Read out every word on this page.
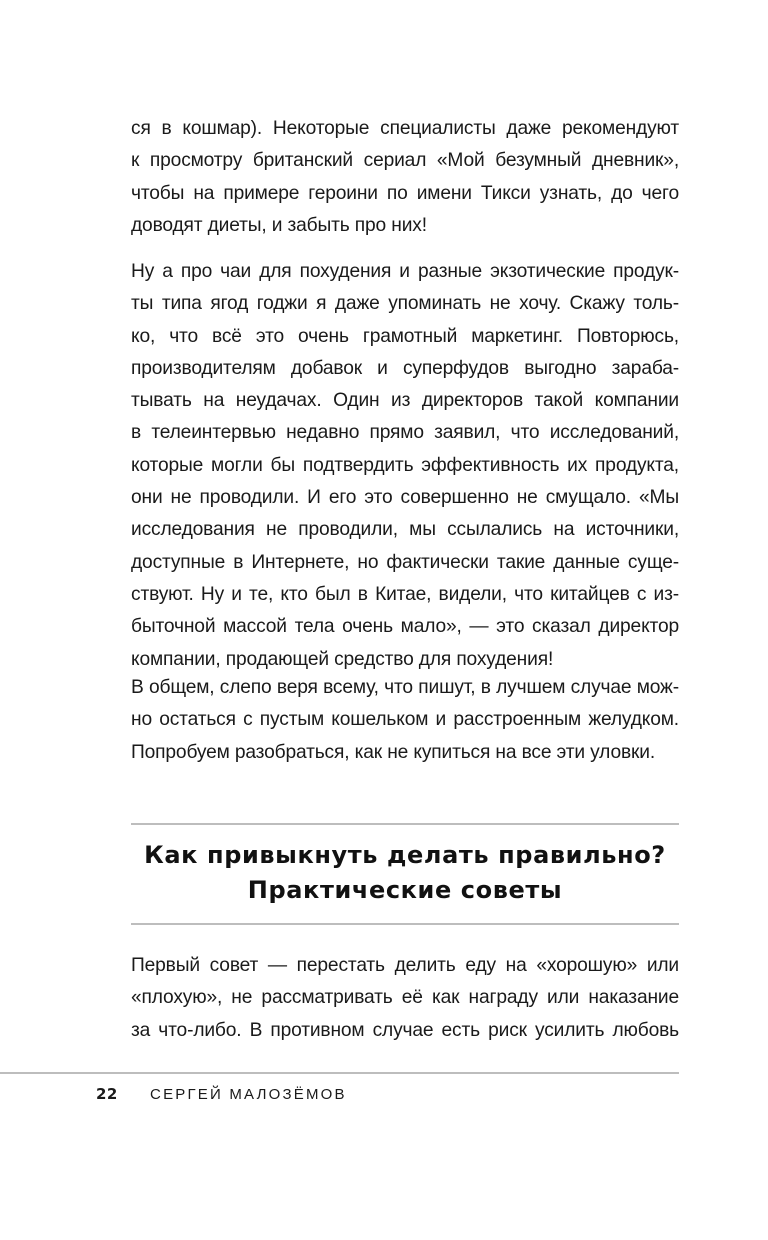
ся в кошмар). Некоторые специалисты даже рекомендуют
к просмотру британский сериал «Мой безумный дневник»,
чтобы на примере героини по имени Тикси узнать, до чего
доводят диеты, и забыть про них!

Ну а про чаи для похудения и разные экзотические продук-
ты типа ягод годжи я даже упоминать не хочу. Скажу толь-
ко, что всё это очень грамотный маркетинг. Повторюсь,
производителям добавок и суперфудов выгодно зараба-
тывать на неудачах. Один из директоров такой компании
в телеинтервью недавно прямо заявил, что исследований,
которые могли бы подтвердить эффективность их продукта,
они не проводили. И его это совершенно не смущало. «Мы
исследования не проводили, мы ссылались на источники,
доступные в Интернете, но фактически такие данные суще-
ствуют. Ну и те, кто был в Китае, видели, что китайцев с из-
быточной массой тела очень мало», — это сказал директор
компании, продающей средство для похудения!

В общем, слепо веря всему, что пишут, в лучшем случае мож-
но остаться с пустым кошельком и расстроенным желудком.
Попробуем разобраться, как не купиться на все эти уловки.

Как привыкнуть делать правильно?
Практические советы

Первый совет — перестать делить еду на «хорошую» или
«плохую», не рассматривать её как награду или наказание
за что-либо. В противном случае есть риск усилить любовь

22 СЕРГЕЙ МАЛОЗЁМОВ
